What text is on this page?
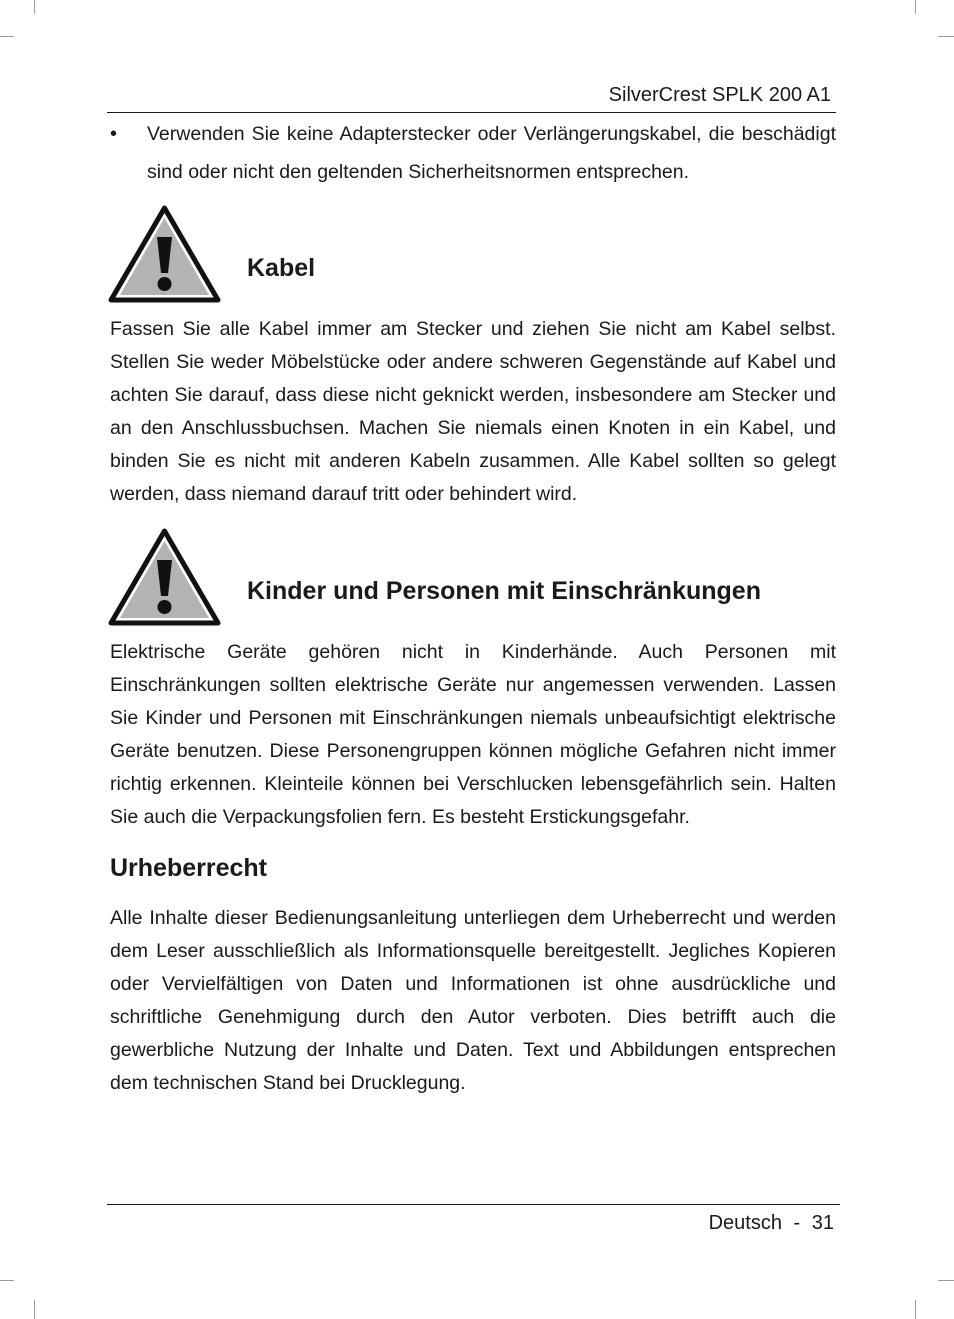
SilverCrest SPLK 200 A1
• Verwenden Sie keine Adapterstecker oder Verlängerungskabel, die beschädigt sind oder nicht den geltenden Sicherheitsnormen entsprechen.

Kabel

Fassen Sie alle Kabel immer am Stecker und ziehen Sie nicht am Kabel selbst. Stellen Sie weder Möbelstücke oder andere schweren Gegenstände auf Kabel und achten Sie darauf, dass diese nicht geknickt werden, insbesondere am Stecker und an den Anschlussbuchsen. Machen Sie niemals einen Knoten in ein Kabel, und binden Sie es nicht mit anderen Kabeln zusammen. Alle Kabel sollten so gelegt werden, dass niemand darauf tritt oder behindert wird.

Kinder und Personen mit Einschränkungen

Elektrische Geräte gehören nicht in Kinderhände. Auch Personen mit Einschränkungen sollten elektrische Geräte nur angemessen verwenden. Lassen Sie Kinder und Personen mit Einschränkungen niemals unbeaufsichtigt elektrische Geräte benutzen. Diese Personengruppen können mögliche Gefahren nicht immer richtig erkennen. Kleinteile können bei Verschlucken lebensgefährlich sein. Halten Sie auch die Verpackungsfolien fern. Es besteht Erstickungsgefahr.

Urheberrecht

Alle Inhalte dieser Bedienungsanleitung unterliegen dem Urheberrecht und werden dem Leser ausschließlich als Informationsquelle bereitgestellt. Jegliches Kopieren oder Vervielfältigen von Daten und Informationen ist ohne ausdrückliche und schriftliche Genehmigung durch den Autor verboten. Dies betrifft auch die gewerbliche Nutzung der Inhalte und Daten. Text und Abbildungen entsprechen dem technischen Stand bei Drucklegung.

Deutsch - 31
